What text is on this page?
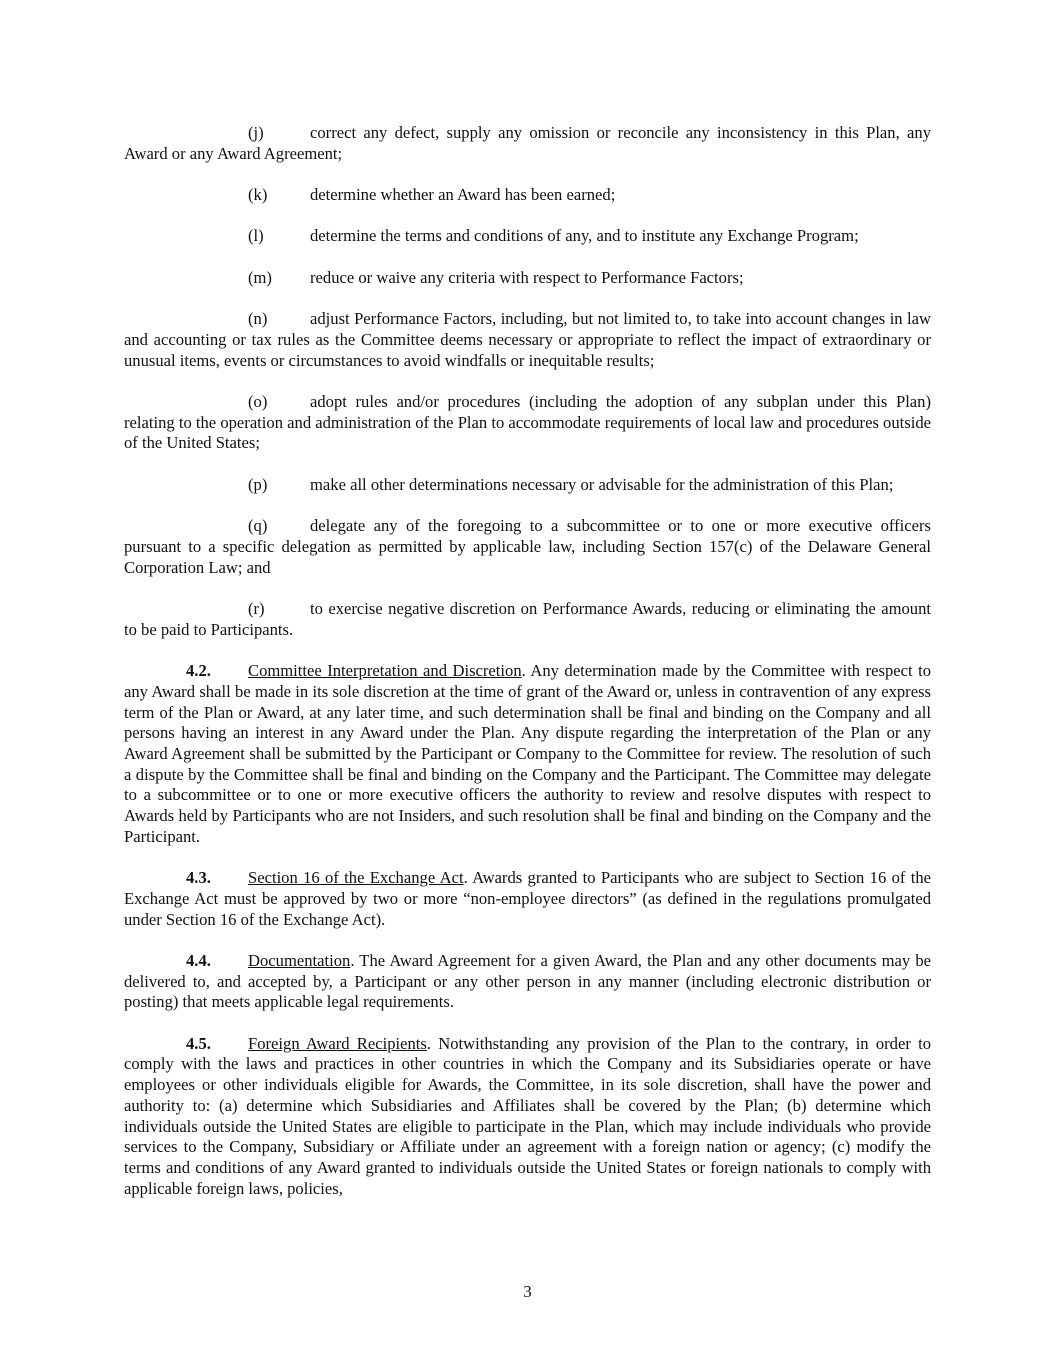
(j)	correct any defect, supply any omission or reconcile any inconsistency in this Plan, any Award or any Award Agreement;

(k)	determine whether an Award has been earned;

(l)	determine the terms and conditions of any, and to institute any Exchange Program;

(m) reduce or waive any criteria with respect to Performance Factors;

(n)	adjust Performance Factors, including, but not limited to, to take into account changes in law and accounting or tax rules as the Committee deems necessary or appropriate to reflect the impact of extraordinary or unusual items, events or circumstances to avoid windfalls or inequitable results;

(o)	adopt rules and/or procedures (including the adoption of any subplan under this Plan) relating to the operation and administration of the Plan to accommodate requirements of local law and procedures outside of the United States;

(p)	make all other determinations necessary or advisable for the administration of this Plan;

(q)	delegate any of the foregoing to a subcommittee or to one or more executive officers pursuant to a specific delegation as permitted by applicable law, including Section 157(c) of the Delaware General Corporation Law; and

(r)	to exercise negative discretion on Performance Awards, reducing or eliminating the amount to be paid to Participants.

4.2. Committee Interpretation and Discretion. Any determination made by the Committee with respect to any Award shall be made in its sole discretion at the time of grant of the Award or, unless in contravention of any express term of the Plan or Award, at any later time, and such determination shall be final and binding on the Company and all persons having an interest in any Award under the Plan. Any dispute regarding the interpretation of the Plan or any Award Agreement shall be submitted by the Participant or Company to the Committee for review. The resolution of such a dispute by the Committee shall be final and binding on the Company and the Participant. The Committee may delegate to a subcommittee or to one or more executive officers the authority to review and resolve disputes with respect to Awards held by Participants who are not Insiders, and such resolution shall be final and binding on the Company and the Participant.

4.3. Section 16 of the Exchange Act. Awards granted to Participants who are subject to Section 16 of the Exchange Act must be approved by two or more “non-employee directors” (as defined in the regulations promulgated under Section 16 of the Exchange Act).

4.4. Documentation. The Award Agreement for a given Award, the Plan and any other documents may be delivered to, and accepted by, a Participant or any other person in any manner (including electronic distribution or posting) that meets applicable legal requirements.

4.5. Foreign Award Recipients. Notwithstanding any provision of the Plan to the contrary, in order to comply with the laws and practices in other countries in which the Company and its Subsidiaries operate or have employees or other individuals eligible for Awards, the Committee, in its sole discretion, shall have the power and authority to: (a) determine which Subsidiaries and Affiliates shall be covered by the Plan; (b) determine which individuals outside the United States are eligible to participate in the Plan, which may include individuals who provide services to the Company, Subsidiary or Affiliate under an agreement with a foreign nation or agency; (c) modify the terms and conditions of any Award granted to individuals outside the United States or foreign nationals to comply with applicable foreign laws, policies,

3
